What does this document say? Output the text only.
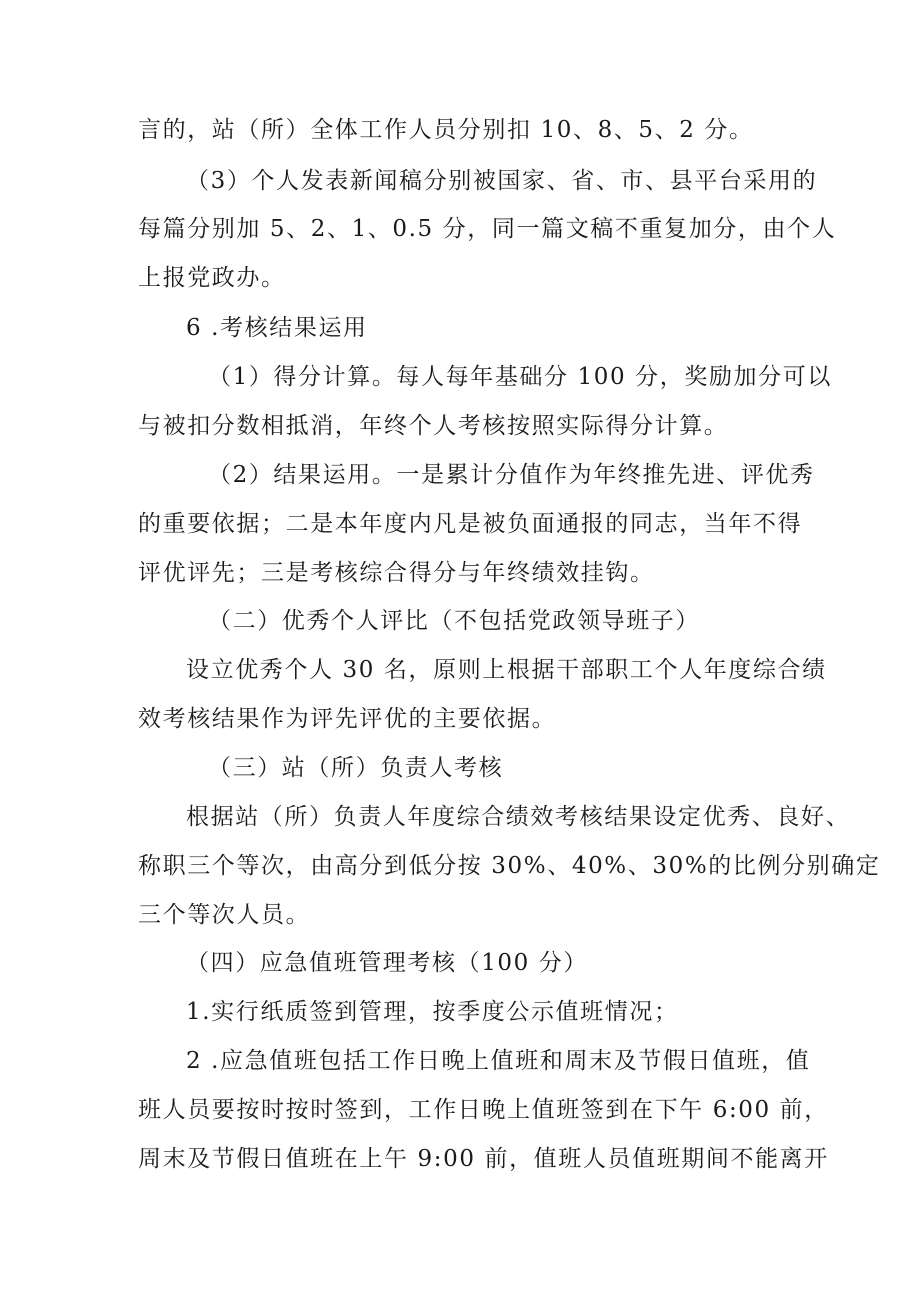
言的，站（所）全体工作人员分别扣 10、8、5、2 分。
（3）个人发表新闻稿分别被国家、省、市、县平台采用的
每篇分别加 5、2、1、0.5 分，同一篇文稿不重复加分，由个人
上报党政办。
6 .考核结果运用
（1）得分计算。每人每年基础分 100 分，奖励加分可以
与被扣分数相抵消，年终个人考核按照实际得分计算。
（2）结果运用。一是累计分值作为年终推先进、评优秀
的重要依据；二是本年度内凡是被负面通报的同志，当年不得
评优评先；三是考核综合得分与年终绩效挂钩。
（二）优秀个人评比（不包括党政领导班子）
设立优秀个人 30 名，原则上根据干部职工个人年度综合绩
效考核结果作为评先评优的主要依据。
（三）站（所）负责人考核
根据站（所）负责人年度综合绩效考核结果设定优秀、良好、
称职三个等次，由高分到低分按 30%、40%、30%的比例分别确定
三个等次人员。
（四）应急值班管理考核（100 分）
1.实行纸质签到管理，按季度公示值班情况；
2 .应急值班包括工作日晚上值班和周末及节假日值班，值
班人员要按时按时签到，工作日晚上值班签到在下午 6:00 前，
周末及节假日值班在上午 9:00 前，值班人员值班期间不能离开
